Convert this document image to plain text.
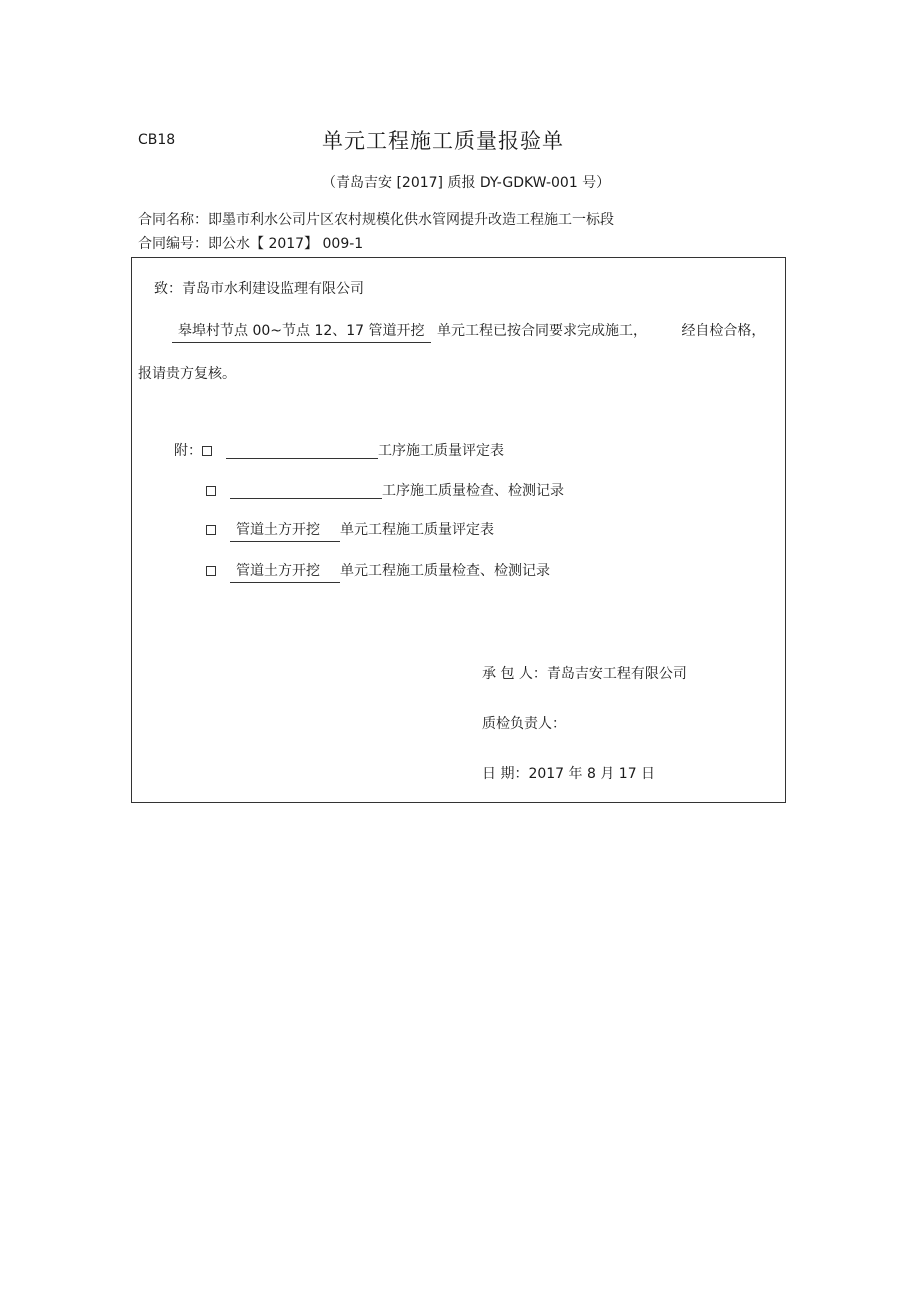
CB18	单元工程施工质量报验单
（青岛吉安 [2017] 质报 DY-GDKW-001 号）
合同名称：即墨市利水公司片区农村规模化供水管网提升改造工程施工一标段
合同编号：即公水【 2017】 009-1
致：青岛市水利建设监理有限公司
皋埠村节点 00~节点 12、17 管道开挖 单元工程已按合同要求完成施工， 经自检合格，
报请贵方复核。
附：	工序施工质量评定表
工序施工质量检查、检测记录
管道土方开挖 单元工程施工质量评定表
管道土方开挖 单元工程施工质量检查、检测记录
承 包 人：青岛吉安工程有限公司
质检负责人：
日 期：2017 年 8 月 17 日
